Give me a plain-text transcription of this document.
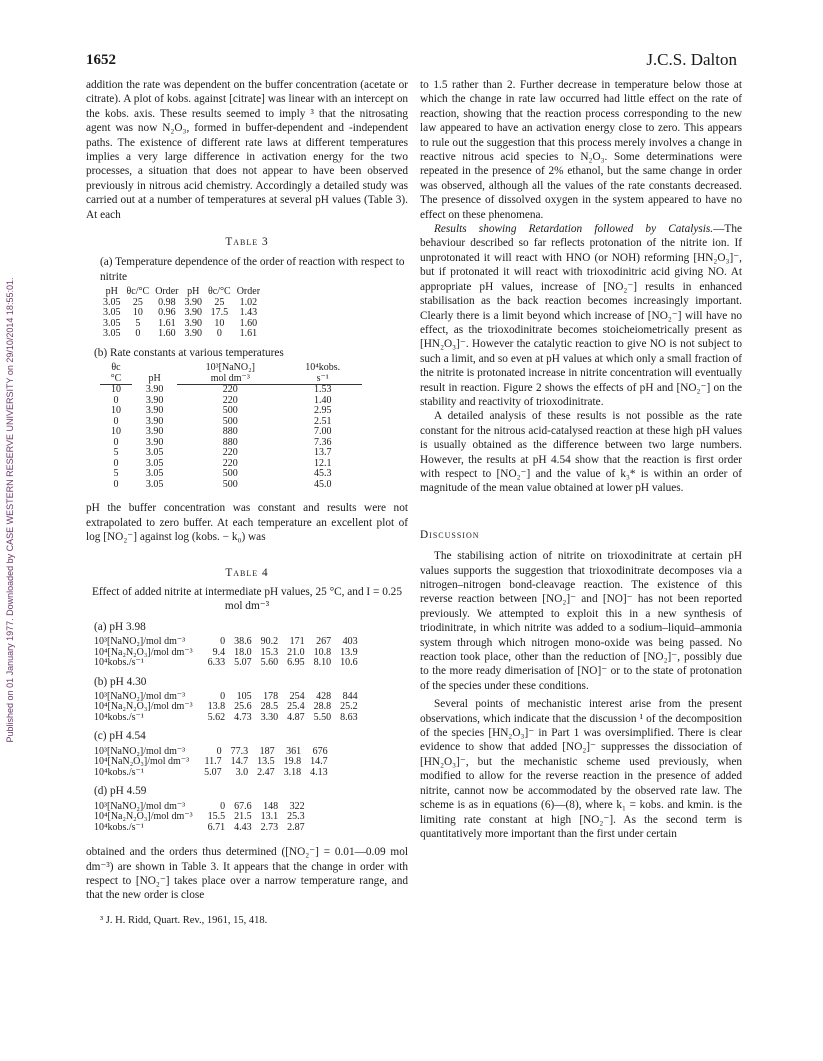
Published on 01 January 1977. Downloaded by CASE WESTERN RESERVE UNIVERSITY on 29/10/2014 18:55:01.
1652	J.C.S. Dalton

addition the rate was dependent on the buffer concentration (acetate or citrate). A plot of kobs. against [citrate] was linear with an intercept on the kobs. axis. These results seemed to imply ³ that the nitrosating agent was now N₂O₃, formed in buffer-dependent and -independent paths. The existence of different rate laws at different temperatures implies a very large difference in activation energy for the two processes, a situation that does not appear to have been observed previously in nitrous acid chemistry. Accordingly a detailed study was carried out at a number of temperatures at several pH values (Table 3). At each

Table 3
(a) Temperature dependence of the order of reaction with respect to nitrite
pH	θc/°C	Order	pH	θc/°C	Order
3.05	25	0.98	3.90	25	1.02
3.05	10	0.96	3.90	17.5	1.43
3.05	5	1.61	3.90	10	1.60
3.05	0	1.60	3.90	0	1.61
(b) Rate constants at various temperatures
θc		10³[NaNO₂]	10⁴kobs.
°C	pH	mol dm⁻³	s⁻¹
10	3.90	220	1.53
0	3.90	220	1.40
10	3.90	500	2.95
0	3.90	500	2.51
10	3.90	880	7.00
0	3.90	880	7.36
5	3.05	220	13.7
0	3.05	220	12.1
5	3.05	500	45.3
0	3.05	500	45.0

pH the buffer concentration was constant and results were not extrapolated to zero buffer. At each temperature an excellent plot of log [NO₂⁻] against log (kobs. − k₀) was

Table 4
Effect of added nitrite at intermediate pH values, 25 °C, and I = 0.25 mol dm⁻³
(a) pH 3.98
10³[NaNO₂]/mol dm⁻³	0	38.6	90.2	171	267	403
10⁴[Na₂N₂O₃]/mol dm⁻³	9.4	18.0	15.3	21.0	10.8	13.9
10⁴kobs./s⁻¹	6.33	5.07	5.60	6.95	8.10	10.6
(b) pH 4.30
10³[NaNO₂]/mol dm⁻³	0	105	178	254	428	844
10⁴[Na₂N₂O₃]/mol dm⁻³	13.8	25.6	28.5	25.4	28.8	25.2
10⁴kobs./s⁻¹	5.62	4.73	3.30	4.87	5.50	8.63
(c) pH 4.54
10³[NaNO₂]/mol dm⁻³	0	77.3	187	361	676
10⁴[NaN₂O₃]/mol dm⁻³	11.7	14.7	13.5	19.8	14.7
10⁴kobs./s⁻¹	5.07	3.0	2.47	3.18	4.13
(d) pH 4.59
10³[NaNO₂]/mol dm⁻³	0	67.6	148	322
10⁴[Na₂N₂O₃]/mol dm⁻³	15.5	21.5	13.1	25.3
10⁴kobs./s⁻¹	6.71	4.43	2.73	2.87

obtained and the orders thus determined ([NO₂⁻] = 0.01—0.09 mol dm⁻³) are shown in Table 3. It appears that the change in order with respect to [NO₂⁻] takes place over a narrow temperature range, and that the new order is close

³ J. H. Ridd, Quart. Rev., 1961, 15, 418.

to 1.5 rather than 2. Further decrease in temperature below those at which the change in rate law occurred had little effect on the rate of reaction, showing that the reaction process corresponding to the new law appeared to have an activation energy close to zero. This appears to rule out the suggestion that this process merely involves a change in reactive nitrous acid species to N₂O₃. Some determinations were repeated in the presence of 2% ethanol, but the same change in order was observed, although all the values of the rate constants decreased. The presence of dissolved oxygen in the system appeared to have no effect on these phenomena.

Results showing Retardation followed by Catalysis.—The behaviour described so far reflects protonation of the nitrite ion. If unprotonated it will react with HNO (or NOH) reforming [HN₂O₃]⁻, but if protonated it will react with trioxodinitric acid giving NO. At appropriate pH values, increase of [NO₂⁻] results in enhanced stabilisation as the back reaction becomes increasingly important. Clearly there is a limit beyond which increase of [NO₂⁻] will have no effect, as the trioxodinitrate becomes stoicheiometrically present as [HN₂O₃]⁻. However the catalytic reaction to give NO is not subject to such a limit, and so even at pH values at which only a small fraction of the nitrite is protonated increase in nitrite concentration will eventually result in reaction. Figure 2 shows the effects of pH and [NO₂⁻] on the stability and reactivity of trioxodinitrate.

A detailed analysis of these results is not possible as the rate constant for the nitrous acid-catalysed reaction at these high pH values is usually obtained as the difference between two large numbers. However, the results at pH 4.54 show that the reaction is first order with respect to [NO₂⁻] and the value of k₃* is within an order of magnitude of the mean value obtained at lower pH values.

Discussion

The stabilising action of nitrite on trioxodinitrate at certain pH values supports the suggestion that trioxodinitrate decomposes via a nitrogen–nitrogen bond-cleavage reaction. The existence of this reverse reaction between [NO₂]⁻ and [NO]⁻ has not been reported previously. We attempted to exploit this in a new synthesis of triodinitrate, in which nitrite was added to a sodium–liquid–ammonia system through which nitrogen mono-oxide was being passed. No reaction took place, other than the reduction of [NO₂]⁻, possibly due to the more ready dimerisation of [NO]⁻ or to the state of protonation of the species under these conditions.

Several points of mechanistic interest arise from the present observations, which indicate that the discussion ¹ of the decomposition of the species [HN₂O₃]⁻ in Part 1 was oversimplified. There is clear evidence to show that added [NO₂]⁻ suppresses the dissociation of [HN₂O₃]⁻, but the mechanistic scheme used previously, when modified to allow for the reverse reaction in the presence of added nitrite, cannot now be accommodated by the observed rate law. The scheme is as in equations (6)—(8), where k₁ = kobs. and kmin. is the limiting rate constant at high [NO₂⁻]. As the second term is quantitatively more important than the first under certain
